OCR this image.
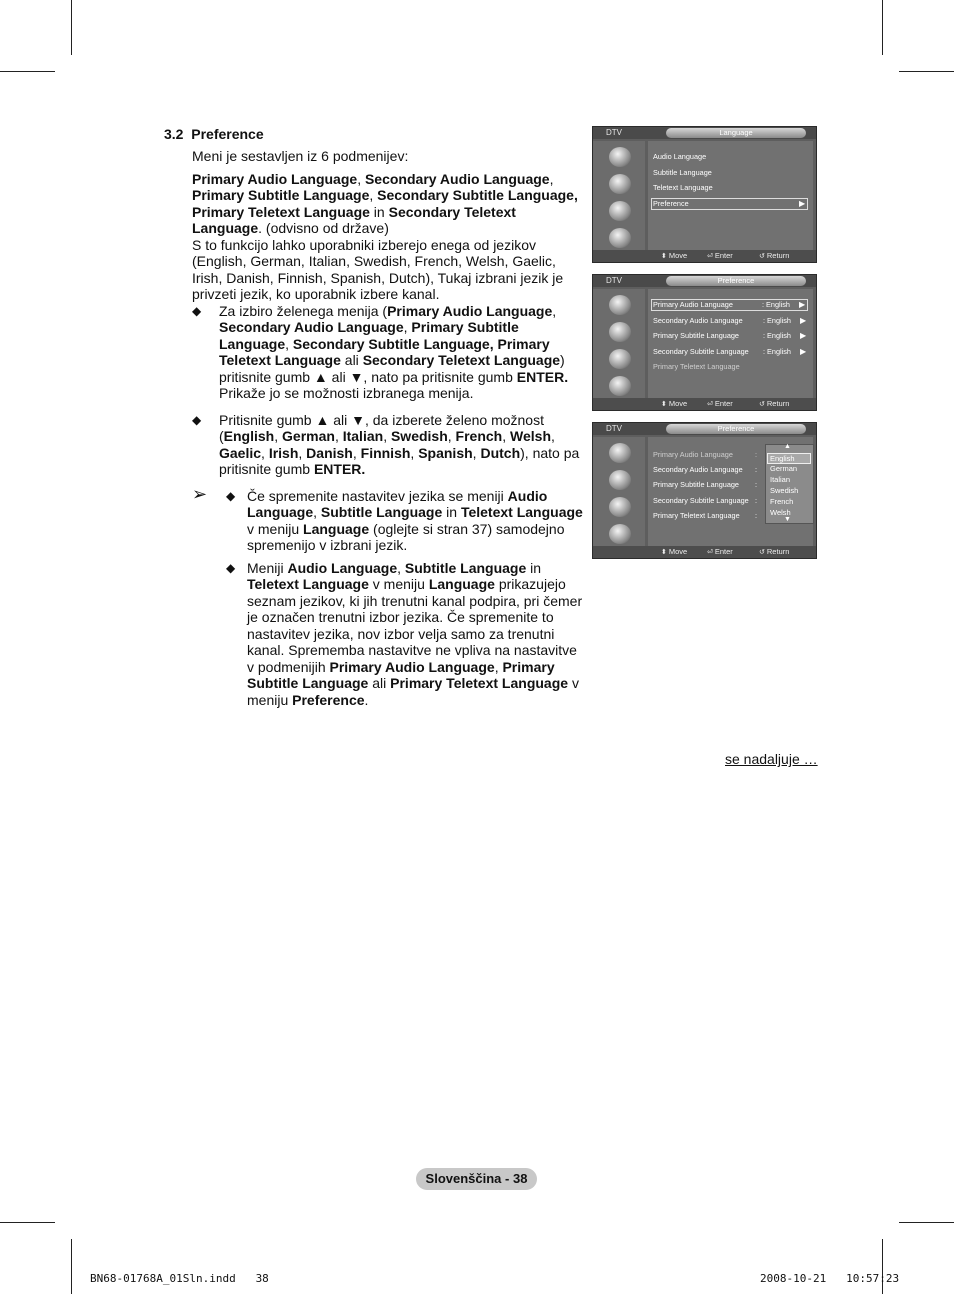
3.2 Preference

Meni je sestavljen iz 6 podmenijev:

Primary Audio Language, Secondary Audio Language, Primary Subtitle Language, Secondary Subtitle Language, Primary Teletext Language in Secondary Teletext Language. (odvisno od države)

S to funkcijo lahko uporabniki izberejo enega od jezikov (English, German, Italian, Swedish, French, Welsh, Gaelic, Irish, Danish, Finnish, Spanish, Dutch), Tukaj izbrani jezik je privzeti jezik, ko uporabnik izbere kanal.

◆ Za izbiro želenega menija (Primary Audio Language, Secondary Audio Language, Primary Subtitle Language, Secondary Subtitle Language, Primary Teletext Language ali Secondary Teletext Language) pritisnite gumb ▲ ali ▼, nato pa pritisnite gumb ENTER. Prikaže jo se možnosti izbranega menija.
◆ Pritisnite gumb ▲ ali ▼, da izberete želeno možnost (English, German, Italian, Swedish, French, Welsh, Gaelic, Irish, Danish, Finnish, Spanish, Dutch), nato pa pritisnite gumb ENTER.
➢ ◆ Če spremenite nastavitev jezika se meniji Audio Language, Subtitle Language in Teletext Language v meniju Language (oglejte si stran 37) samodejno spremenijo v izbrani jezik.
◆ Meniji Audio Language, Subtitle Language in Teletext Language v meniju Language prikazujejo seznam jezikov, ki jih trenutni kanal podpira, pri čemer je označen trenutni izbor jezika. Če spremenite to nastavitev jezika, nov izbor velja samo za trenutni kanal. Sprememba nastavitve ne vpliva na nastavitve v podmenijih Primary Audio Language, Primary Subtitle Language ali Primary Teletext Language v meniju Preference.
DTV	Language
Audio Language
Subtitle Language
Teletext Language
Preference	▶
⬍ Move	⏎ Enter	↺ Return
DTV	Preference
Primary Audio Language	: English ▶
Secondary Audio Language	: English ▶
Primary Subtitle Language	: English ▶
Secondary Subtitle Language : English ▶
Primary Teletext Language
⬍ Move	⏎ Enter	↺ Return
DTV	Preference
Primary Audio Language	:
Secondary Audio Language :
Primary Subtitle Language :
Secondary Subtitle Language :
Primary Teletext Language :
▲
English
German
Italian
Swedish
French
Welsh
▼
⬍ Move	⏎ Enter	↺ Return
se nadaljuje …
Slovenščina - 38
BN68-01768A_01Sln.indd   38	2008-10-21   10:57:23
